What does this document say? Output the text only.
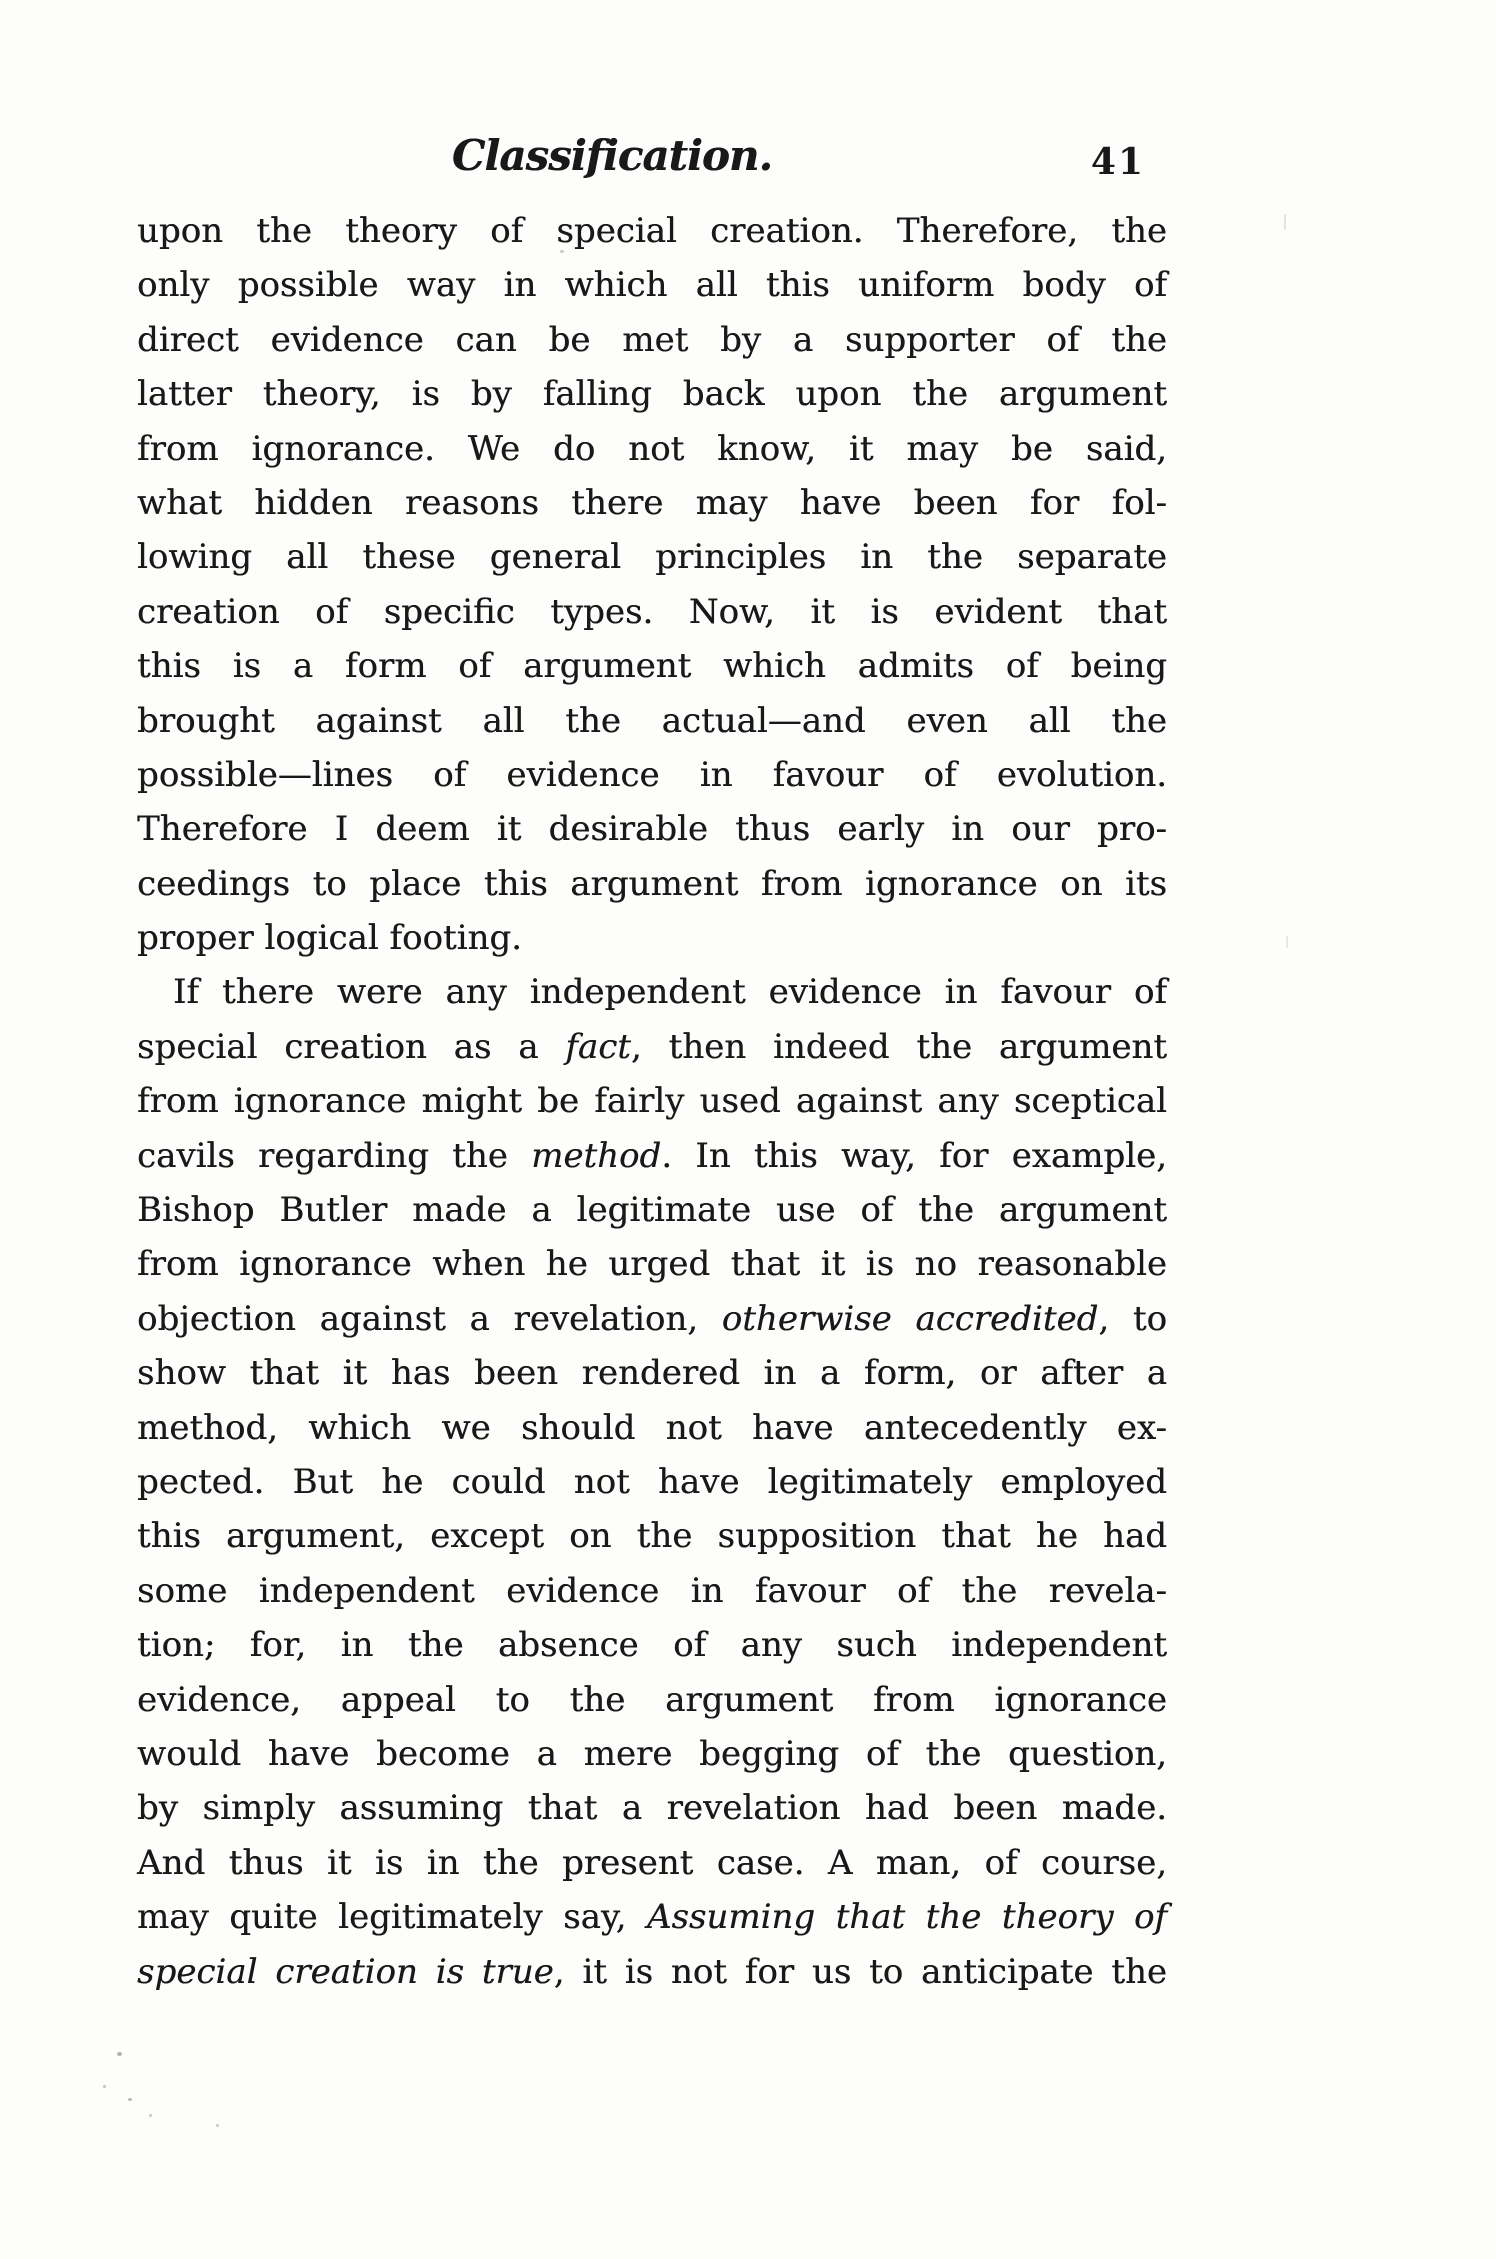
Classification.	41
upon the theory of special creation. Therefore, the
only possible way in which all this uniform body of
direct evidence can be met by a supporter of the
latter theory, is by falling back upon the argument
from ignorance. We do not know, it may be said,
what hidden reasons there may have been for fol-
lowing all these general principles in the separate
creation of specific types. Now, it is evident that
this is a form of argument which admits of being
brought against all the actual—and even all the
possible—lines of evidence in favour of evolution.
Therefore I deem it desirable thus early in our pro-
ceedings to place this argument from ignorance on its
proper logical footing.
If there were any independent evidence in favour of
special creation as a fact, then indeed the argument
from ignorance might be fairly used against any sceptical
cavils regarding the method. In this way, for example,
Bishop Butler made a legitimate use of the argument
from ignorance when he urged that it is no reasonable
objection against a revelation, otherwise accredited, to
show that it has been rendered in a form, or after a
method, which we should not have antecedently ex-
pected. But he could not have legitimately employed
this argument, except on the supposition that he had
some independent evidence in favour of the revela-
tion; for, in the absence of any such independent
evidence, appeal to the argument from ignorance
would have become a mere begging of the question,
by simply assuming that a revelation had been made.
And thus it is in the present case. A man, of course,
may quite legitimately say, Assuming that the theory of
special creation is true, it is not for us to anticipate the
